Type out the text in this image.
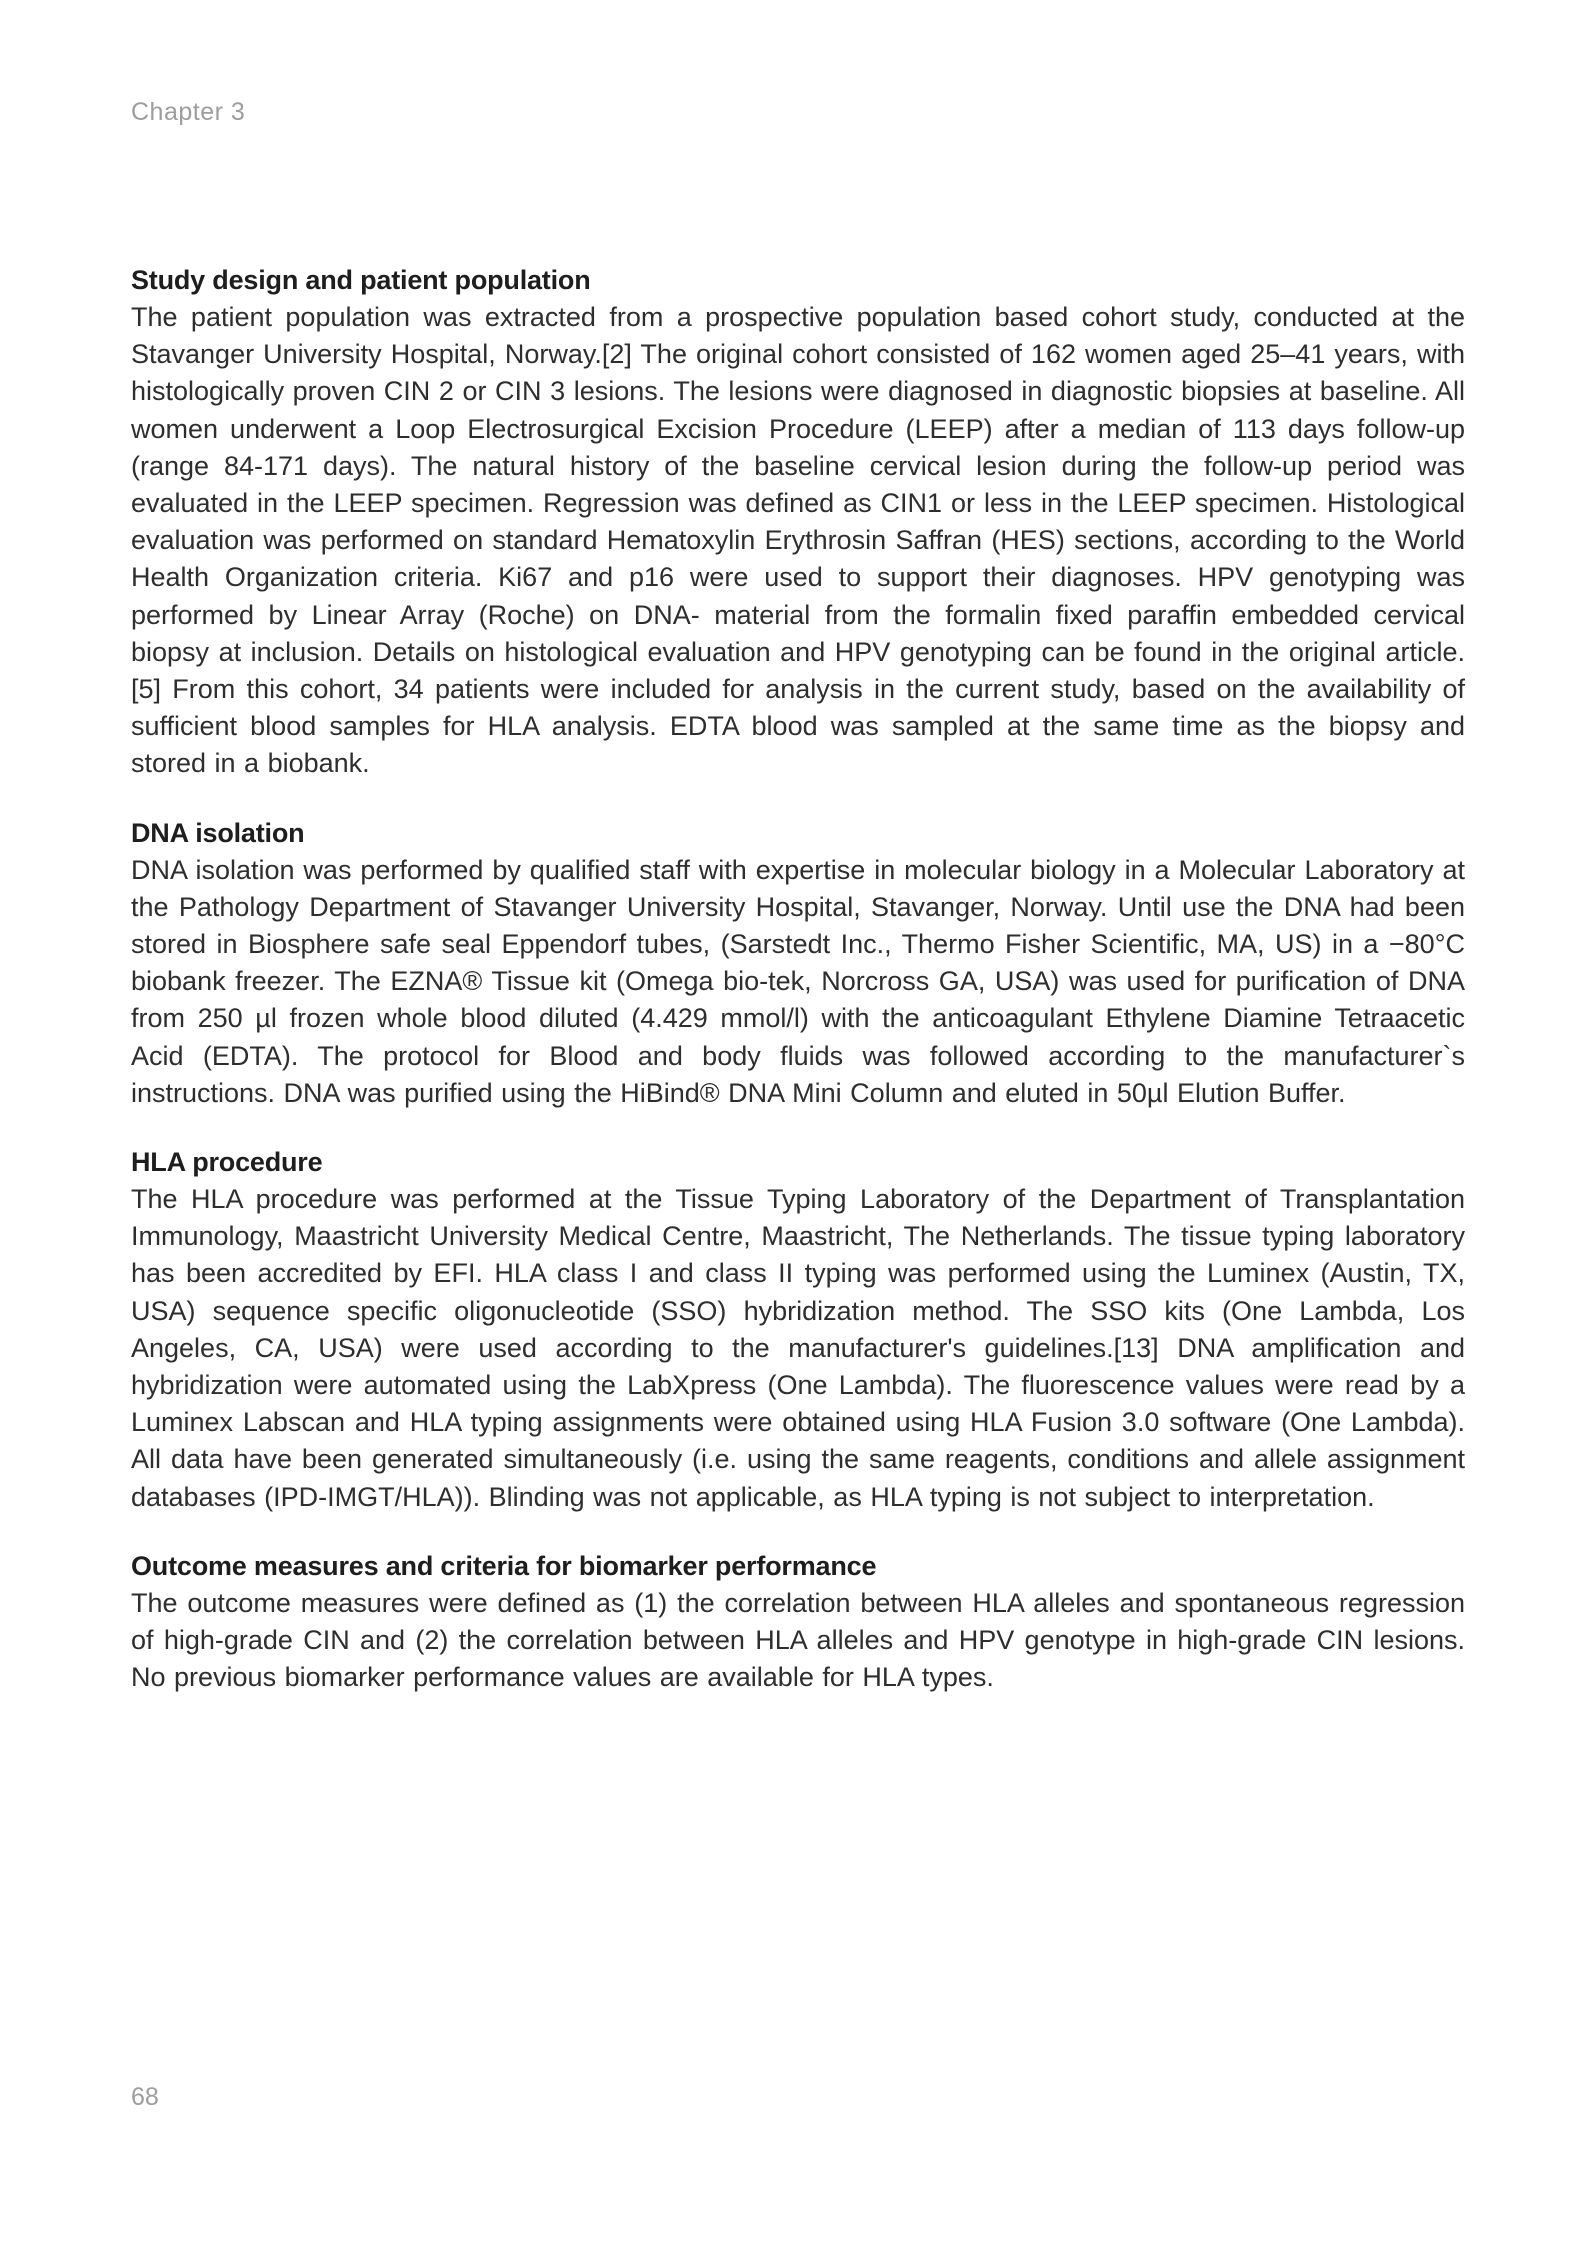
Chapter 3
Study design and patient population

The patient population was extracted from a prospective population based cohort study, conducted at the Stavanger University Hospital, Norway.[2] The original cohort consisted of 162 women aged 25–41 years, with histologically proven CIN 2 or CIN 3 lesions. The lesions were diagnosed in diagnostic biopsies at baseline. All women underwent a Loop Electrosurgical Excision Procedure (LEEP) after a median of 113 days follow-up (range 84-171 days). The natural history of the baseline cervical lesion during the follow-up period was evaluated in the LEEP specimen. Regression was defined as CIN1 or less in the LEEP specimen. Histological evaluation was performed on standard Hematoxylin Erythrosin Saffran (HES) sections, according to the World Health Organization criteria. Ki67 and p16 were used to support their diagnoses. HPV genotyping was performed by Linear Array (Roche) on DNA- material from the formalin fixed paraffin embedded cervical biopsy at inclusion. Details on histological evaluation and HPV genotyping can be found in the original article.[5] From this cohort, 34 patients were included for analysis in the current study, based on the availability of sufficient blood samples for HLA analysis. EDTA blood was sampled at the same time as the biopsy and stored in a biobank.

DNA isolation

DNA isolation was performed by qualified staff with expertise in molecular biology in a Molecular Laboratory at the Pathology Department of Stavanger University Hospital, Stavanger, Norway. Until use the DNA had been stored in Biosphere safe seal Eppendorf tubes, (Sarstedt Inc., Thermo Fisher Scientific, MA, US) in a −80°C biobank freezer. The EZNA® Tissue kit (Omega bio-tek, Norcross GA, USA) was used for purification of DNA from 250 µl frozen whole blood diluted (4.429 mmol/l) with the anticoagulant Ethylene Diamine Tetraacetic Acid (EDTA). The protocol for Blood and body fluids was followed according to the manufacturer`s instructions. DNA was purified using the HiBind® DNA Mini Column and eluted in 50µl Elution Buffer.

HLA procedure

The HLA procedure was performed at the Tissue Typing Laboratory of the Department of Transplantation Immunology, Maastricht University Medical Centre, Maastricht, The Netherlands. The tissue typing laboratory has been accredited by EFI. HLA class I and class II typing was performed using the Luminex (Austin, TX, USA) sequence specific oligonucleotide (SSO) hybridization method. The SSO kits (One Lambda, Los Angeles, CA, USA) were used according to the manufacturer's guidelines.[13] DNA amplification and hybridization were automated using the LabXpress (One Lambda). The fluorescence values were read by a Luminex Labscan and HLA typing assignments were obtained using HLA Fusion 3.0 software (One Lambda). All data have been generated simultaneously (i.e. using the same reagents, conditions and allele assignment databases (IPD-IMGT/HLA)). Blinding was not applicable, as HLA typing is not subject to interpretation.

Outcome measures and criteria for biomarker performance

The outcome measures were defined as (1) the correlation between HLA alleles and spontaneous regression of high-grade CIN and (2) the correlation between HLA alleles and HPV genotype in high-grade CIN lesions. No previous biomarker performance values are available for HLA types.

68
